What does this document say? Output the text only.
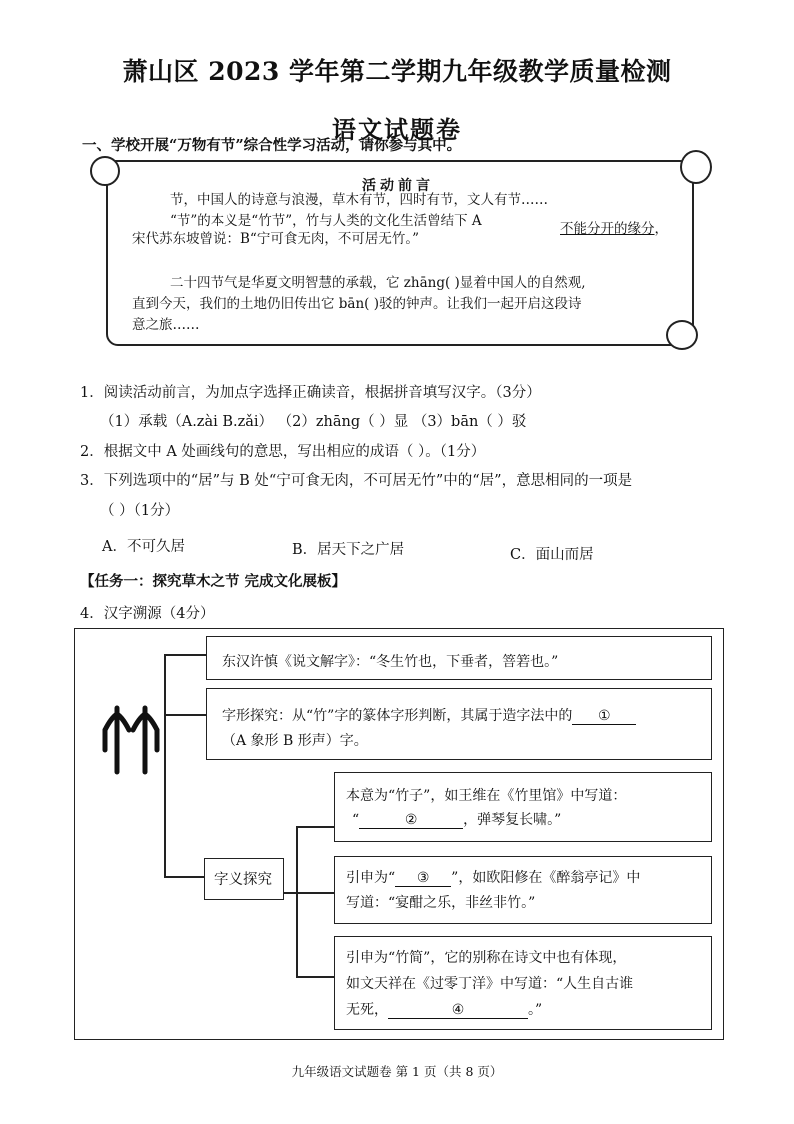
萧山区 2023 学年第二学期九年级教学质量检测
语文试题卷
一、学校开展“万物有节”综合性学习活动，请你参与其中。
活动前言
节，中国人的诗意与浪漫，草木有节，四时有节，文人有节……
“节”的本义是“竹节”，竹与人类的文化生活曾结下 A
宋代苏东坡曾说：B“宁可食无肉，不可居无竹。”
不能分开的缘分，
二十四节气是华夏文明智慧的承载，它 zhāng( )显着中国人的自然观,
直到今天，我们的土地仍旧传出它 bān( )驳的钟声。让我们一起开启这段诗
意之旅……
1．阅读活动前言，为加点字选择正确读音，根据拼音填写汉字。（3分）
（1）承载（A.zài B.zǎi） （2）zhāng（ ）显 （3）bān（ ）驳
2．根据文中 A 处画线句的意思，写出相应的成语（ ）。（1分）
3．下列选项中的“居”与 B 处“宁可食无肉，不可居无竹”中的“居”，意思相同的一项是
（ ）（1分）
A．不可久居	B．居天下之广居	C．面山而居
【任务一：探究草木之节 完成文化展板】
4．汉字溯源（4分）
东汉许慎《说文解字》：“冬生竹也，下垂者，箁箬也。”
字形探究：从“竹”字的篆体字形判断，其属于造字法中的 ①
（A 象形 B 形声）字。
字义探究
本意为“竹子”，如王维在《竹里馆》中写道：
“	②	，弹琴复长啸。”
引申为“ ③ ”，如欧阳修在《醉翁亭记》中
写道：“宴酣之乐，非丝非竹。”
引申为“竹简”，它的别称在诗文中也有体现，
如文天祥在《过零丁洋》中写道：“人生自古谁
无死，	④	。”
九年级语文试题卷 第 1 页（共 8 页）
